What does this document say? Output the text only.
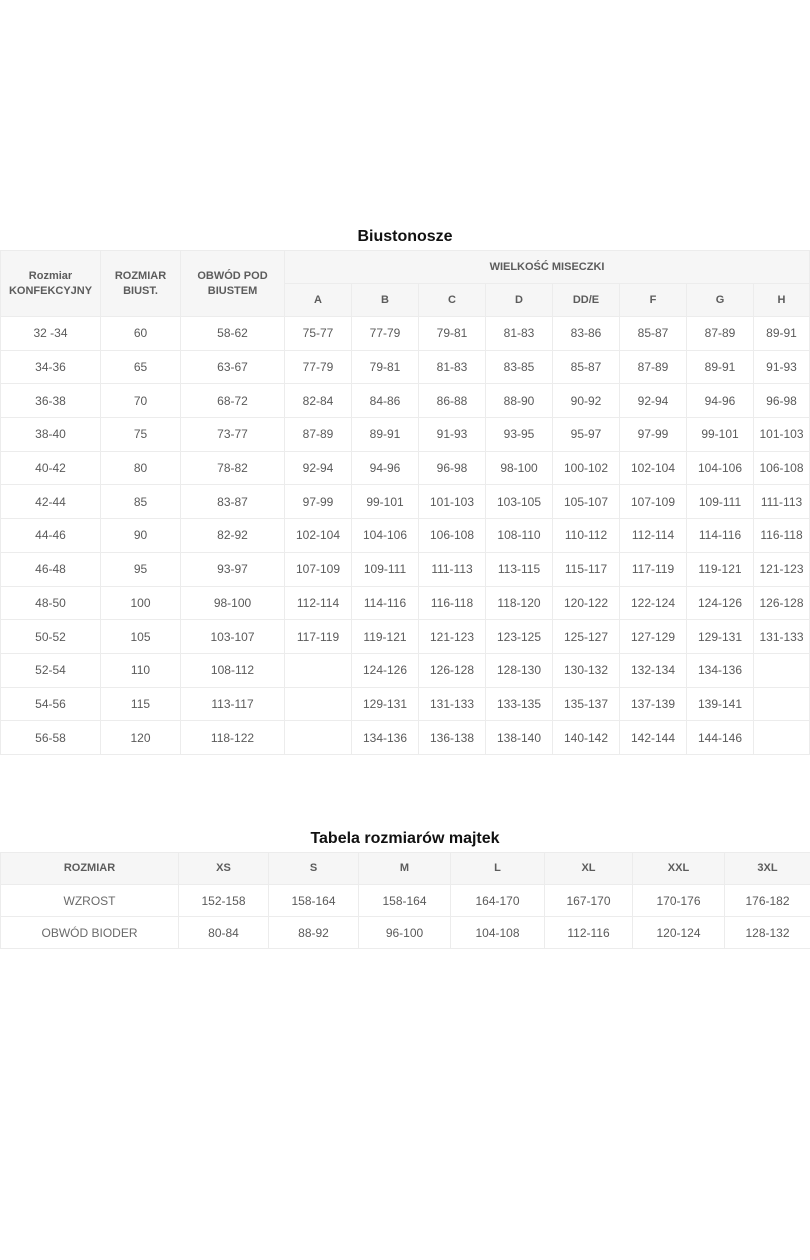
Biustonosze
Rozmiar KONFEKCYJNY	ROZMIAR BIUST.	OBWÓD POD BIUSTEM	WIELKOŚĆ MISECZKI							
			A	B	C	D	DD/E	F	G	H
32 -34	60	58-62	75-77	77-79	79-81	81-83	83-86	85-87	87-89	89-91
34-36	65	63-67	77-79	79-81	81-83	83-85	85-87	87-89	89-91	91-93
36-38	70	68-72	82-84	84-86	86-88	88-90	90-92	92-94	94-96	96-98
38-40	75	73-77	87-89	89-91	91-93	93-95	95-97	97-99	99-101	101-103
40-42	80	78-82	92-94	94-96	96-98	98-100	100-102	102-104	104-106	106-108
42-44	85	83-87	97-99	99-101	101-103	103-105	105-107	107-109	109-111	111-113
44-46	90	82-92	102-104	104-106	106-108	108-110	110-112	112-114	114-116	116-118
46-48	95	93-97	107-109	109-111	111-113	113-115	115-117	117-119	119-121	121-123
48-50	100	98-100	112-114	114-116	116-118	118-120	120-122	122-124	124-126	126-128
50-52	105	103-107	117-119	119-121	121-123	123-125	125-127	127-129	129-131	131-133
52-54	110	108-112		124-126	126-128	128-130	130-132	132-134	134-136	
54-56	115	113-117		129-131	131-133	133-135	135-137	137-139	139-141	
56-58	120	118-122		134-136	136-138	138-140	140-142	142-144	144-146	
Tabela rozmiarów majtek
ROZMIAR	XS	S	M	L	XL	XXL	3XL
WZROST	152-158	158-164	158-164	164-170	167-170	170-176	176-182
OBWÓD BIODER	80-84	88-92	96-100	104-108	112-116	120-124	128-132
